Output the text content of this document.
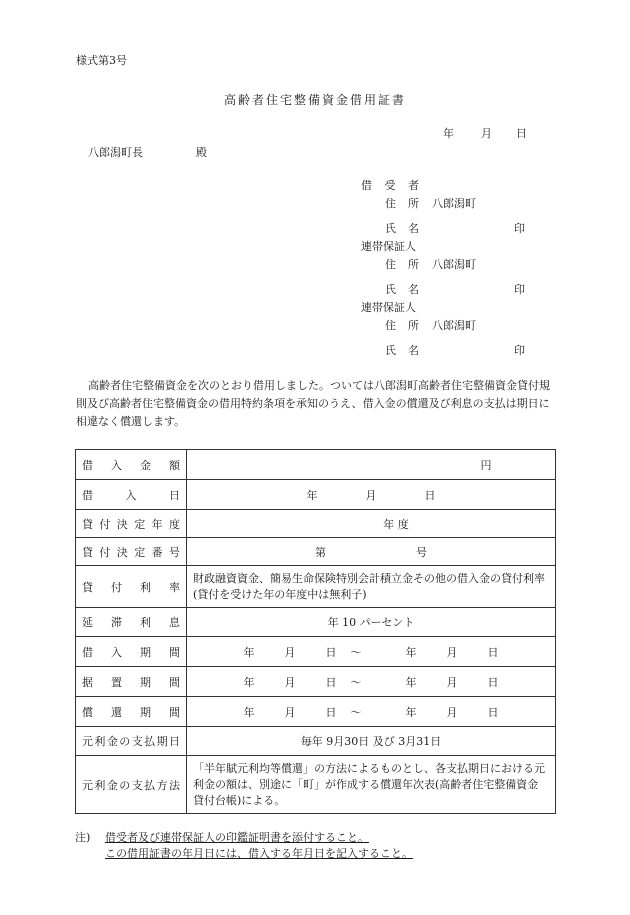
様式第3号
高齢者住宅整備資金借用証書
年 月 日
八郎潟町長	殿
借受者
住所 八郎潟町
氏名	印
連帯保証人
住所 八郎潟町
氏名	印
連帯保証人
住所 八郎潟町
氏名	印
高齢者住宅整備資金を次のとおり借用しました。ついては八郎潟町高齢者住宅整備資金貸付規則及び高齢者住宅整備資金の借用特約条項を承知のうえ、借入金の償還及び利息の支払は期日に相違なく償還します。
借入金額	円

借入日	年 月 日

貸付決定年度	年 度

貸付決定番号	第 号

貸付利率	財政融資資金、簡易生命保険特別会計積立金その他の借入金の貸付利率(貸付を受けた年の年度中は無利子)

延滞利息	年 10 パーセント

借入期間	年 月 日 ～ 年 月 日

据置期間	年 月 日 ～ 年 月 日

償還期間	年 月 日 ～ 年 月 日

元利金の支払期日	毎年 9月30日 及び 3月31日

元利金の支払方法	「半年賦元利均等償還」の方法によるものとし、各支払期日における元利金の額は、別途に「町」が作成する償還年次表(高齢者住宅整備資金貸付台帳)による。
注)	借受者及び連帯保証人の印鑑証明書を添付すること。
この借用証書の年月日には、借入する年月日を記入すること。
